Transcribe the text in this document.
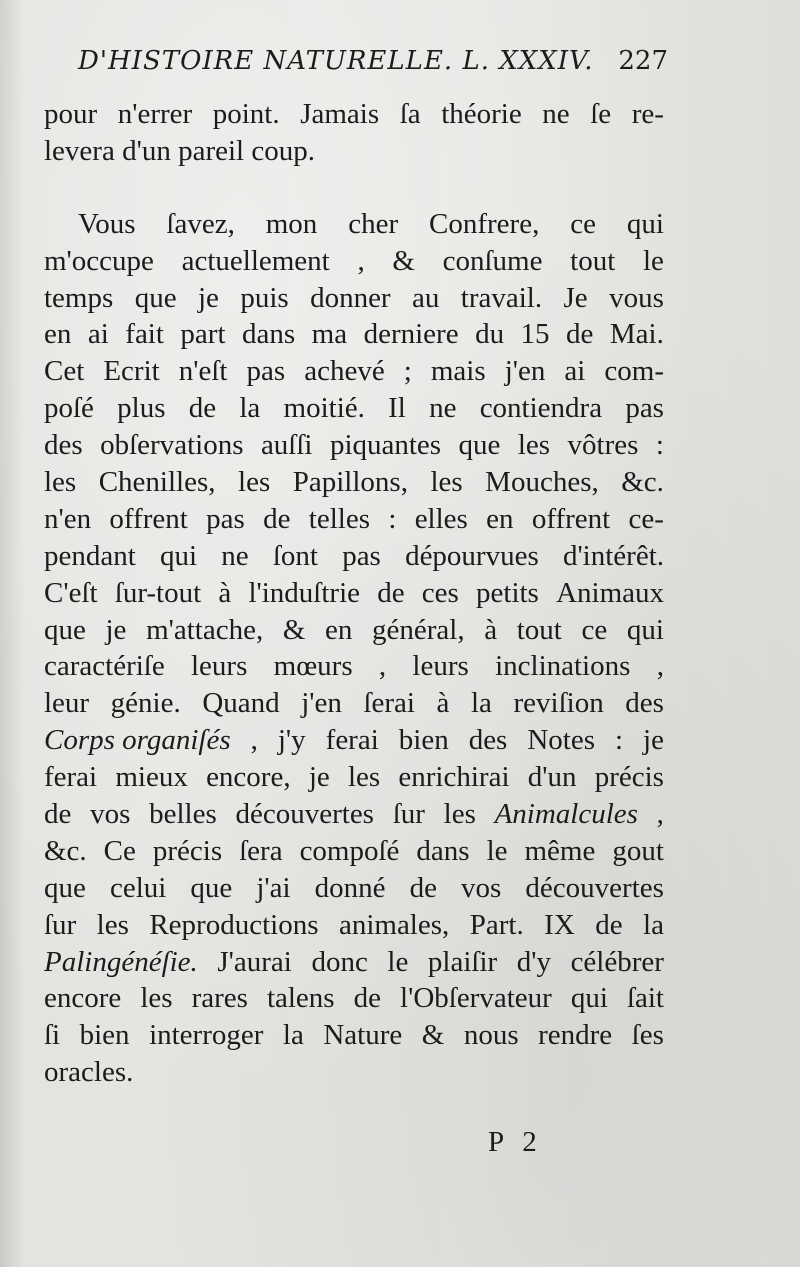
D'HISTOIRE NATURELLE. L. XXXIV. 227
pour n'errer point. Jamais ſa théorie ne ſe re-
levera d'un pareil coup.
Vous ſavez, mon cher Confrere, ce qui
m'occupe actuellement , & conſume tout le
temps que je puis donner au travail. Je vous
en ai fait part dans ma derniere du 15 de Mai.
Cet Ecrit n'eſt pas achevé ; mais j'en ai com-
poſé plus de la moitié. Il ne contiendra pas
des obſervations auſſi piquantes que les vôtres :
les Chenilles, les Papillons, les Mouches, &c.
n'en offrent pas de telles : elles en offrent ce-
pendant qui ne ſont pas dépourvues d'intérêt.
C'eſt ſur-tout à l'induſtrie de ces petits Animaux
que je m'attache, & en général, à tout ce qui
caractériſe leurs mœurs , leurs inclinations ,
leur génie. Quand j'en ſerai à la reviſion des
Corps organiſés , j'y ferai bien des Notes : je
ferai mieux encore, je les enrichirai d'un précis
de vos belles découvertes ſur les Animalcules ,
&c. Ce précis ſera compoſé dans le même gout
que celui que j'ai donné de vos découvertes
ſur les Reproductions animales, Part. IX de la
Palingénéſie. J'aurai donc le plaiſir d'y célébrer
encore les rares talens de l'Obſervateur qui ſait
ſi bien interroger la Nature & nous rendre ſes
oracles.
P 2
